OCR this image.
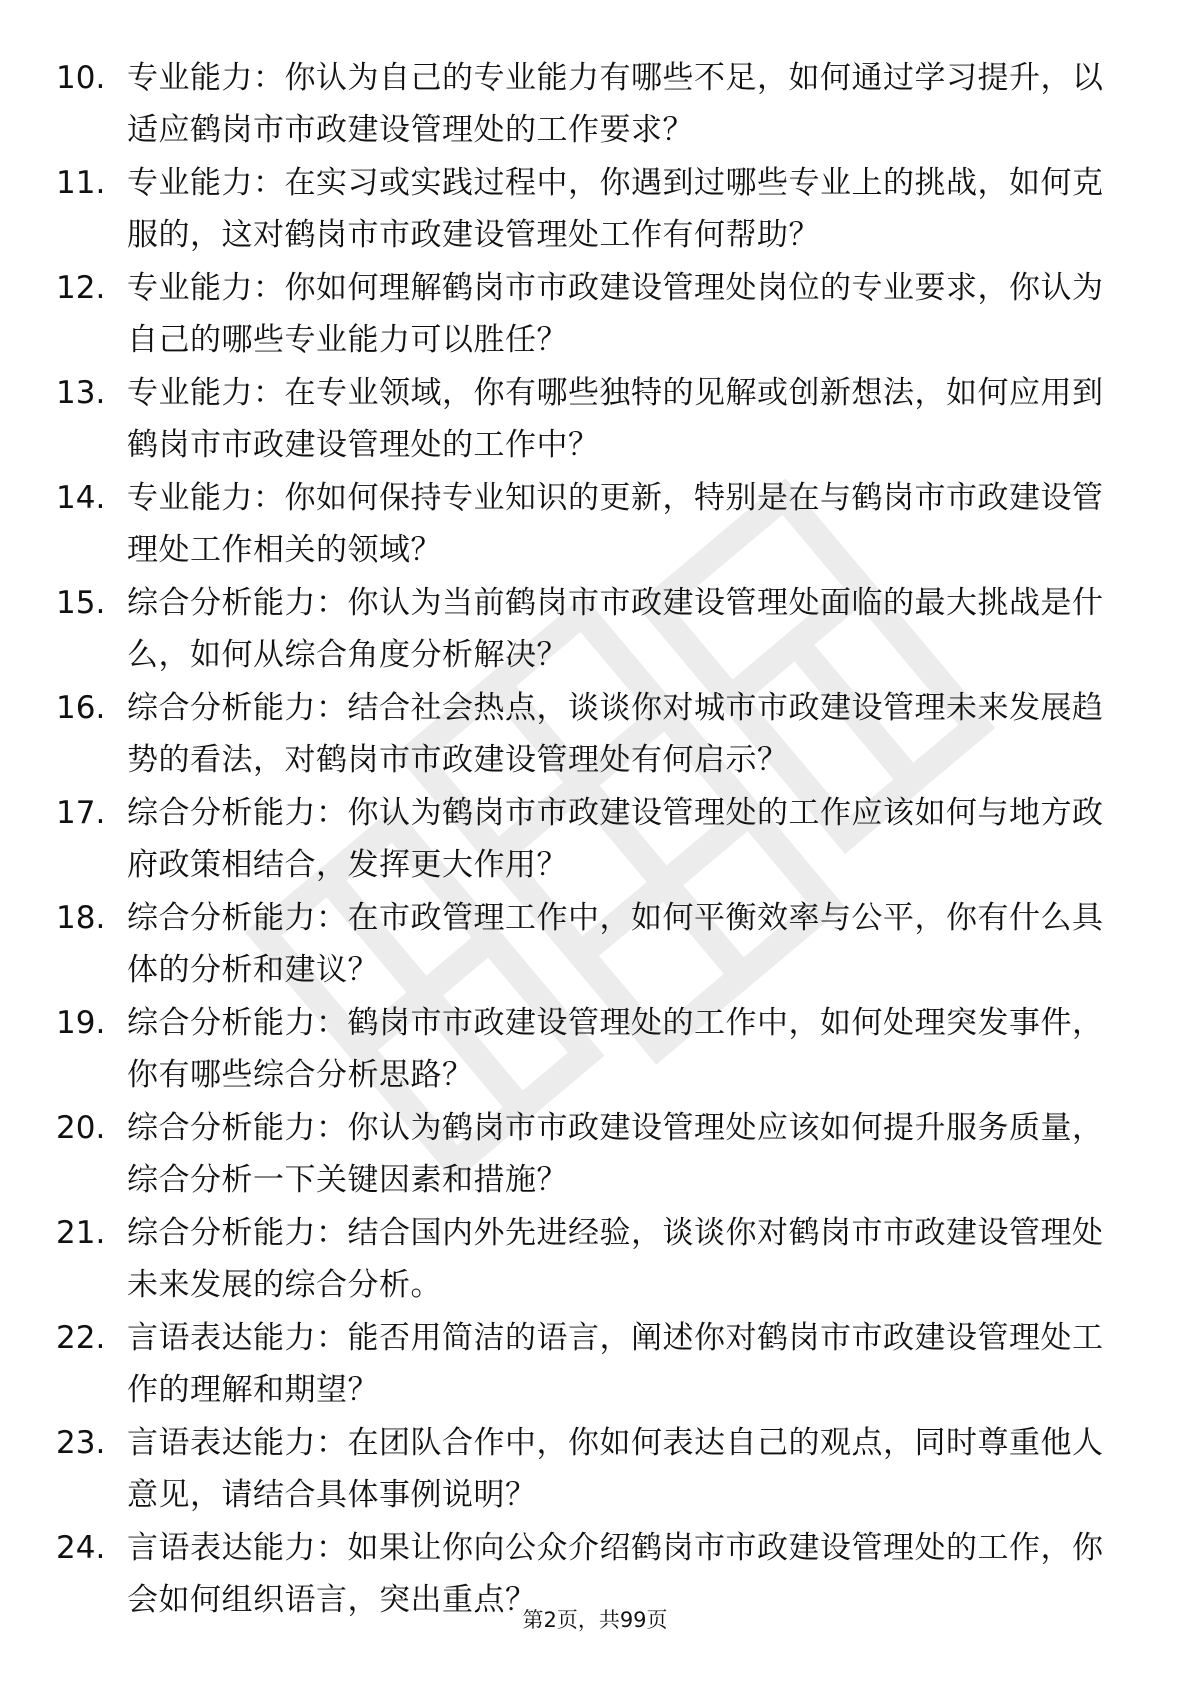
10. 专业能力：你认为自己的专业能力有哪些不足，如何通过学习提升，以适应鹤岗市市政建设管理处的工作要求？
11. 专业能力：在实习或实践过程中，你遇到过哪些专业上的挑战，如何克服的，这对鹤岗市市政建设管理处工作有何帮助？
12. 专业能力：你如何理解鹤岗市市政建设管理处岗位的专业要求，你认为自己的哪些专业能力可以胜任？
13. 专业能力：在专业领域，你有哪些独特的见解或创新想法，如何应用到鹤岗市市政建设管理处的工作中？
14. 专业能力：你如何保持专业知识的更新，特别是在与鹤岗市市政建设管理处工作相关的领域？
15. 综合分析能力：你认为当前鹤岗市市政建设管理处面临的最大挑战是什么，如何从综合角度分析解决？
16. 综合分析能力：结合社会热点，谈谈你对城市市政建设管理未来发展趋势的看法，对鹤岗市市政建设管理处有何启示？
17. 综合分析能力：你认为鹤岗市市政建设管理处的工作应该如何与地方政府政策相结合，发挥更大作用？
18. 综合分析能力：在市政管理工作中，如何平衡效率与公平，你有什么具体的分析和建议？
19. 综合分析能力：鹤岗市市政建设管理处的工作中，如何处理突发事件，你有哪些综合分析思路？
20. 综合分析能力：你认为鹤岗市市政建设管理处应该如何提升服务质量，综合分析一下关键因素和措施？
21. 综合分析能力：结合国内外先进经验，谈谈你对鹤岗市市政建设管理处未来发展的综合分析。
22. 言语表达能力：能否用简洁的语言，阐述你对鹤岗市市政建设管理处工作的理解和期望？
23. 言语表达能力：在团队合作中，你如何表达自己的观点，同时尊重他人意见，请结合具体事例说明？
24. 言语表达能力：如果让你向公众介绍鹤岗市市政建设管理处的工作，你会如何组织语言，突出重点？
第2页，共99页
